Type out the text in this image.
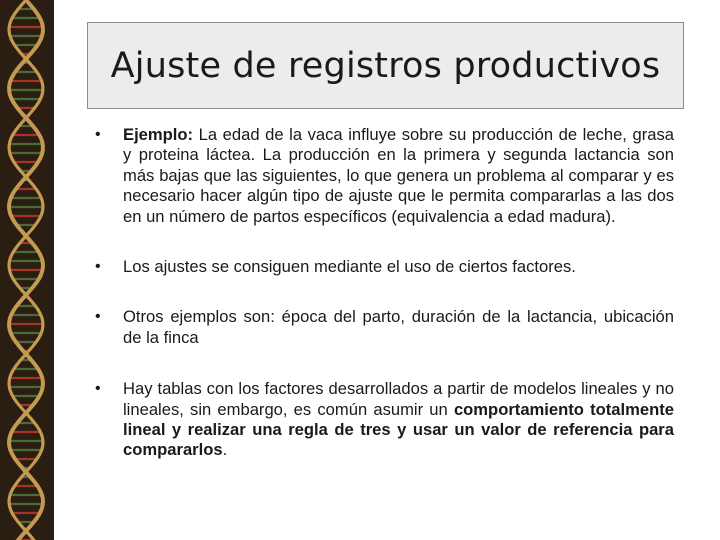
Ajuste de registros productivos
• Ejemplo: La edad de la vaca influye sobre su producción de leche, grasa y proteina láctea. La producción en la primera y segunda lactancia son más bajas que las siguientes, lo que genera un problema al comparar y es necesario hacer algún tipo de ajuste que le permita compararlas a las dos en un número de partos específicos (equivalencia a edad madura).
• Los ajustes se consiguen mediante el uso de ciertos factores.
• Otros ejemplos son: época del parto, duración de la lactancia, ubicación de la finca
• Hay tablas con los factores desarrollados a partir de modelos lineales y no lineales, sin embargo, es común asumir un comportamiento totalmente lineal y realizar una regla de tres y usar un valor de referencia para compararlos.
